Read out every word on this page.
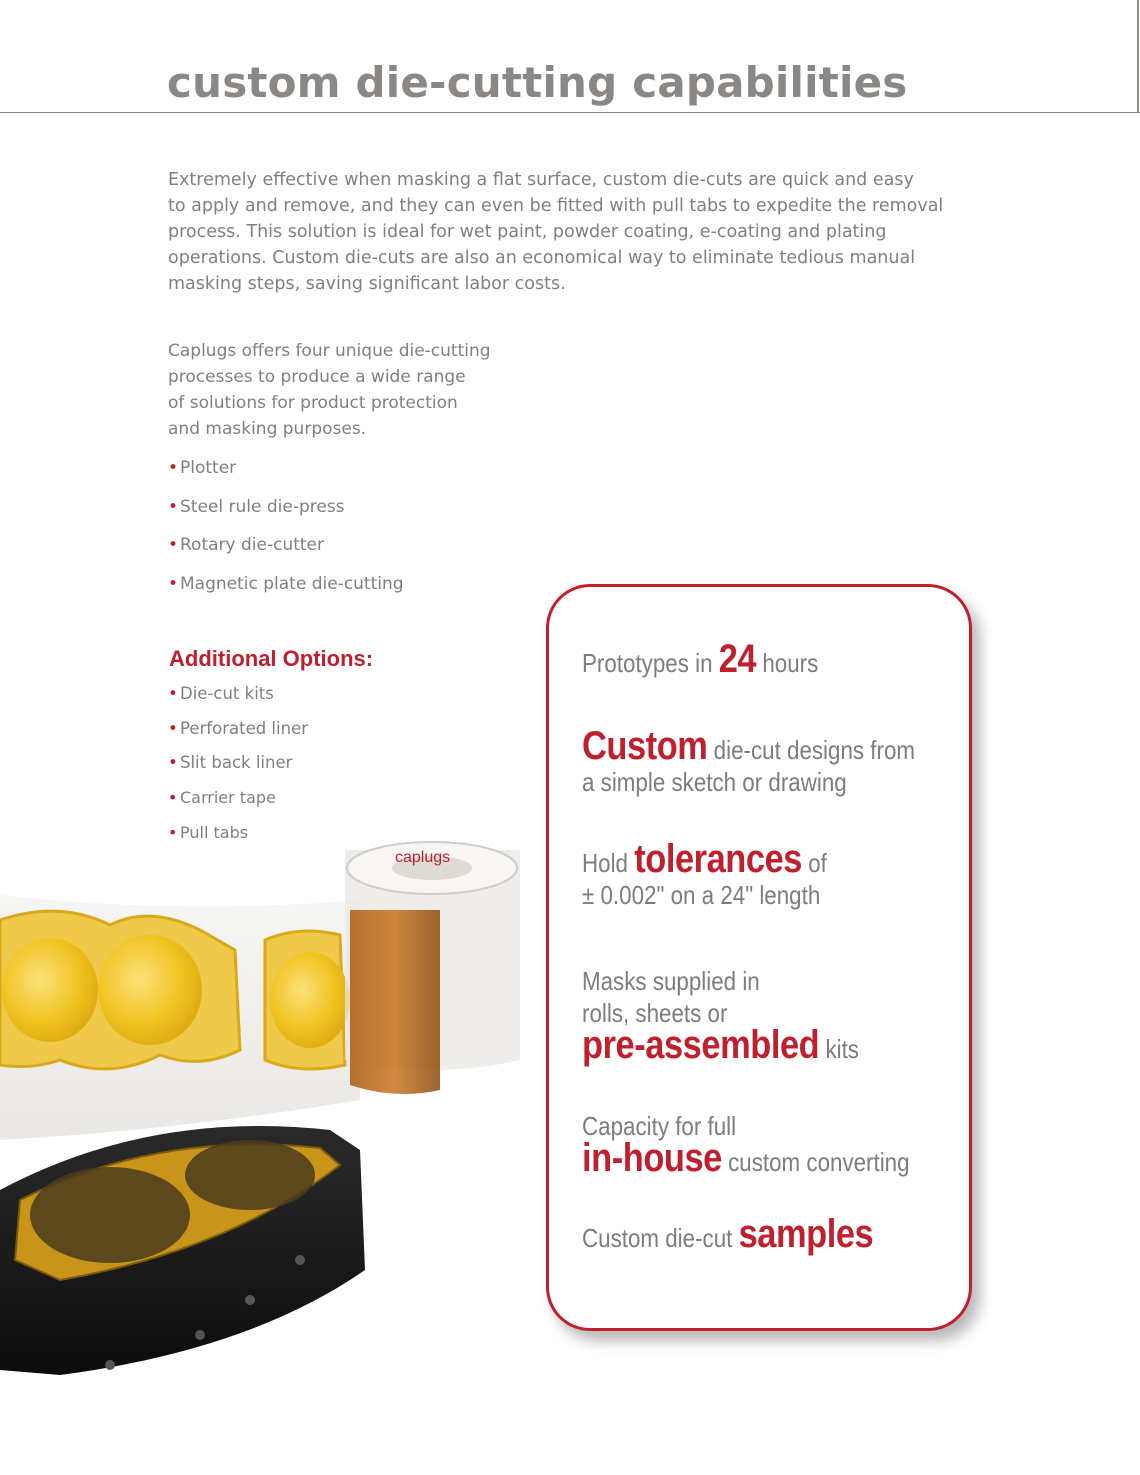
custom die-cutting capabilities

Extremely effective when masking a flat surface, custom die-cuts are quick and easy
to apply and remove, and they can even be fitted with pull tabs to expedite the removal
process. This solution is ideal for wet paint, powder coating, e-coating and plating
operations. Custom die-cuts are also an economical way to eliminate tedious manual
masking steps, saving significant labor costs.

Caplugs offers four unique die-cutting
processes to produce a wide range
of solutions for product protection
and masking purposes.

• Plotter
• Steel rule die-press
• Rotary die-cutter
• Magnetic plate die-cutting
Additional Options:
• Die-cut kits
• Perforated liner
• Slit back liner
• Carrier tape
• Pull tabs
caplugs

Prototypes in 24 hours

Custom die-cut designs from
a simple sketch or drawing

Hold tolerances of
± 0.002" on a 24" length

Masks supplied in
rolls, sheets or
pre-assembled kits

Capacity for full
in-house custom converting

Custom die-cut samples
